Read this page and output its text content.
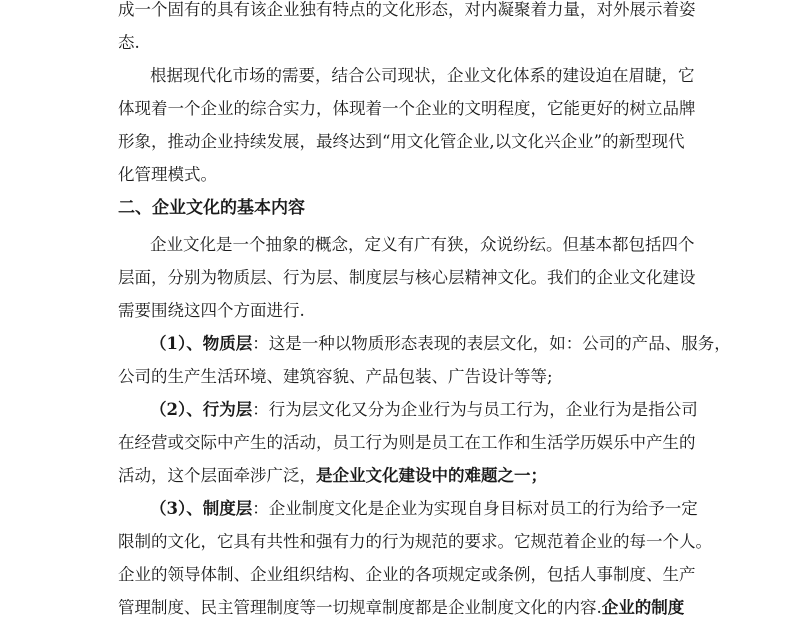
成一个固有的具有该企业独有特点的文化形态，对内凝聚着力量，对外展示着姿
态.
根据现代化市场的需要，结合公司现状，企业文化体系的建设迫在眉睫，它
体现着一个企业的综合实力，体现着一个企业的文明程度，它能更好的树立品牌
形象，推动企业持续发展，最终达到“用文化管企业,以文化兴企业”的新型现代
化管理模式。
二、企业文化的基本内容
企业文化是一个抽象的概念，定义有广有狭，众说纷纭。但基本都包括四个
层面，分别为物质层、行为层、制度层与核心层精神文化。我们的企业文化建设
需要围绕这四个方面进行.
（1）、物质层：这是一种以物质形态表现的表层文化，如：公司的产品、服务，
公司的生产生活环境、建筑容貌、产品包装、广告设计等等;
（2）、行为层：行为层文化又分为企业行为与员工行为，企业行为是指公司
在经营或交际中产生的活动，员工行为则是员工在工作和生活学历娱乐中产生的
活动，这个层面牵涉广泛，是企业文化建设中的难题之一；
（3）、制度层：企业制度文化是企业为实现自身目标对员工的行为给予一定
限制的文化，它具有共性和强有力的行为规范的要求。它规范着企业的每一个人。
企业的领导体制、企业组织结构、企业的各项规定或条例，包括人事制度、生产
管理制度、民主管理制度等一切规章制度都是企业制度文化的内容.企业的制度
